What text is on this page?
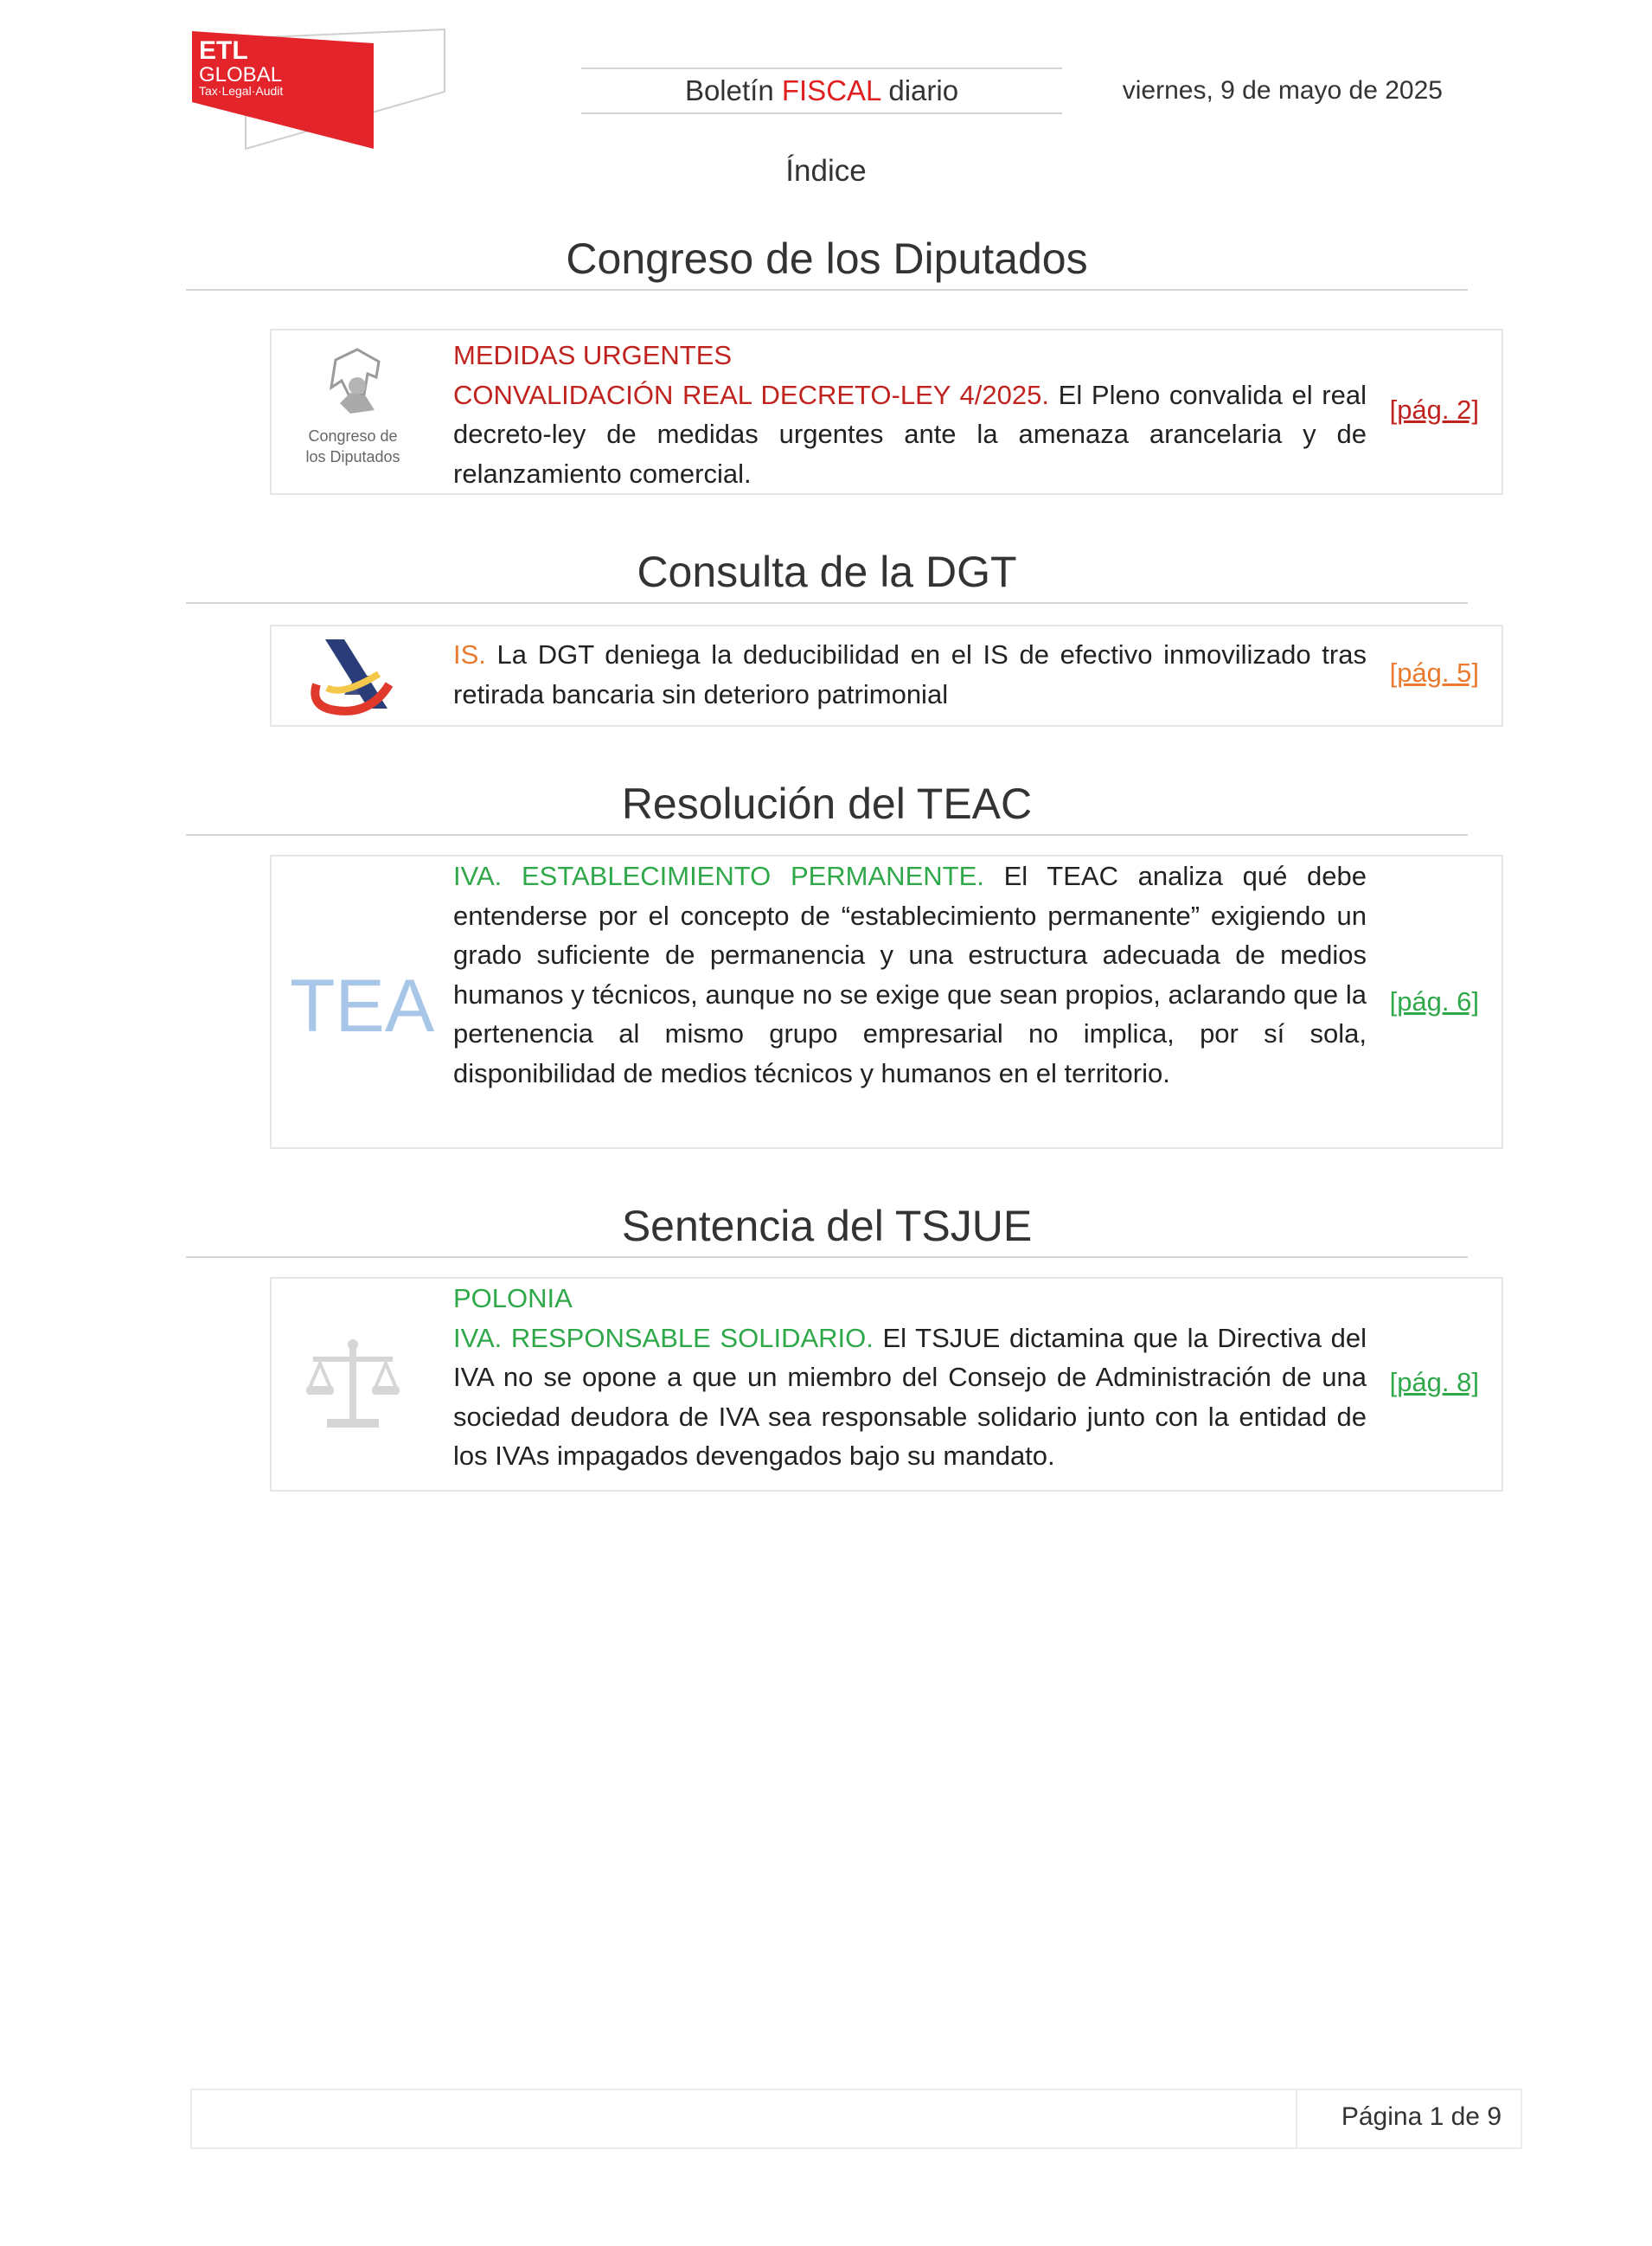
ETL
GLOBAL
Tax·Legal·Audit	Boletín FISCAL diario	viernes, 9 de mayo de 2025
Índice
Congreso de los Diputados
Congreso de
los Diputados
MEDIDAS URGENTES
CONVALIDACIÓN REAL DECRETO-LEY 4/2025. El Pleno convalida el real decreto-ley de medidas urgentes ante la amenaza arancelaria y de relanzamiento comercial.
[pág. 2]
Consulta de la DGT
IS. La DGT deniega la deducibilidad en el IS de efectivo inmovilizado tras retirada bancaria sin deterioro patrimonial
[pág. 5]
Resolución del TEAC
TEA
IVA. ESTABLECIMIENTO PERMANENTE. El TEAC analiza qué debe entenderse por el concepto de “establecimiento permanente” exigiendo un grado suficiente de permanencia y una estructura adecuada de medios humanos y técnicos, aunque no se exige que sean propios, aclarando que la pertenencia al mismo grupo empresarial no implica, por sí sola, disponibilidad de medios técnicos y humanos en el territorio.
[pág. 6]
Sentencia del TSJUE
POLONIA
IVA. RESPONSABLE SOLIDARIO. El TSJUE dictamina que la Directiva del IVA no se opone a que un miembro del Consejo de Administración de una sociedad deudora de IVA sea responsable solidario junto con la entidad de los IVAs impagados devengados bajo su mandato.
[pág. 8]
Página 1 de 9
